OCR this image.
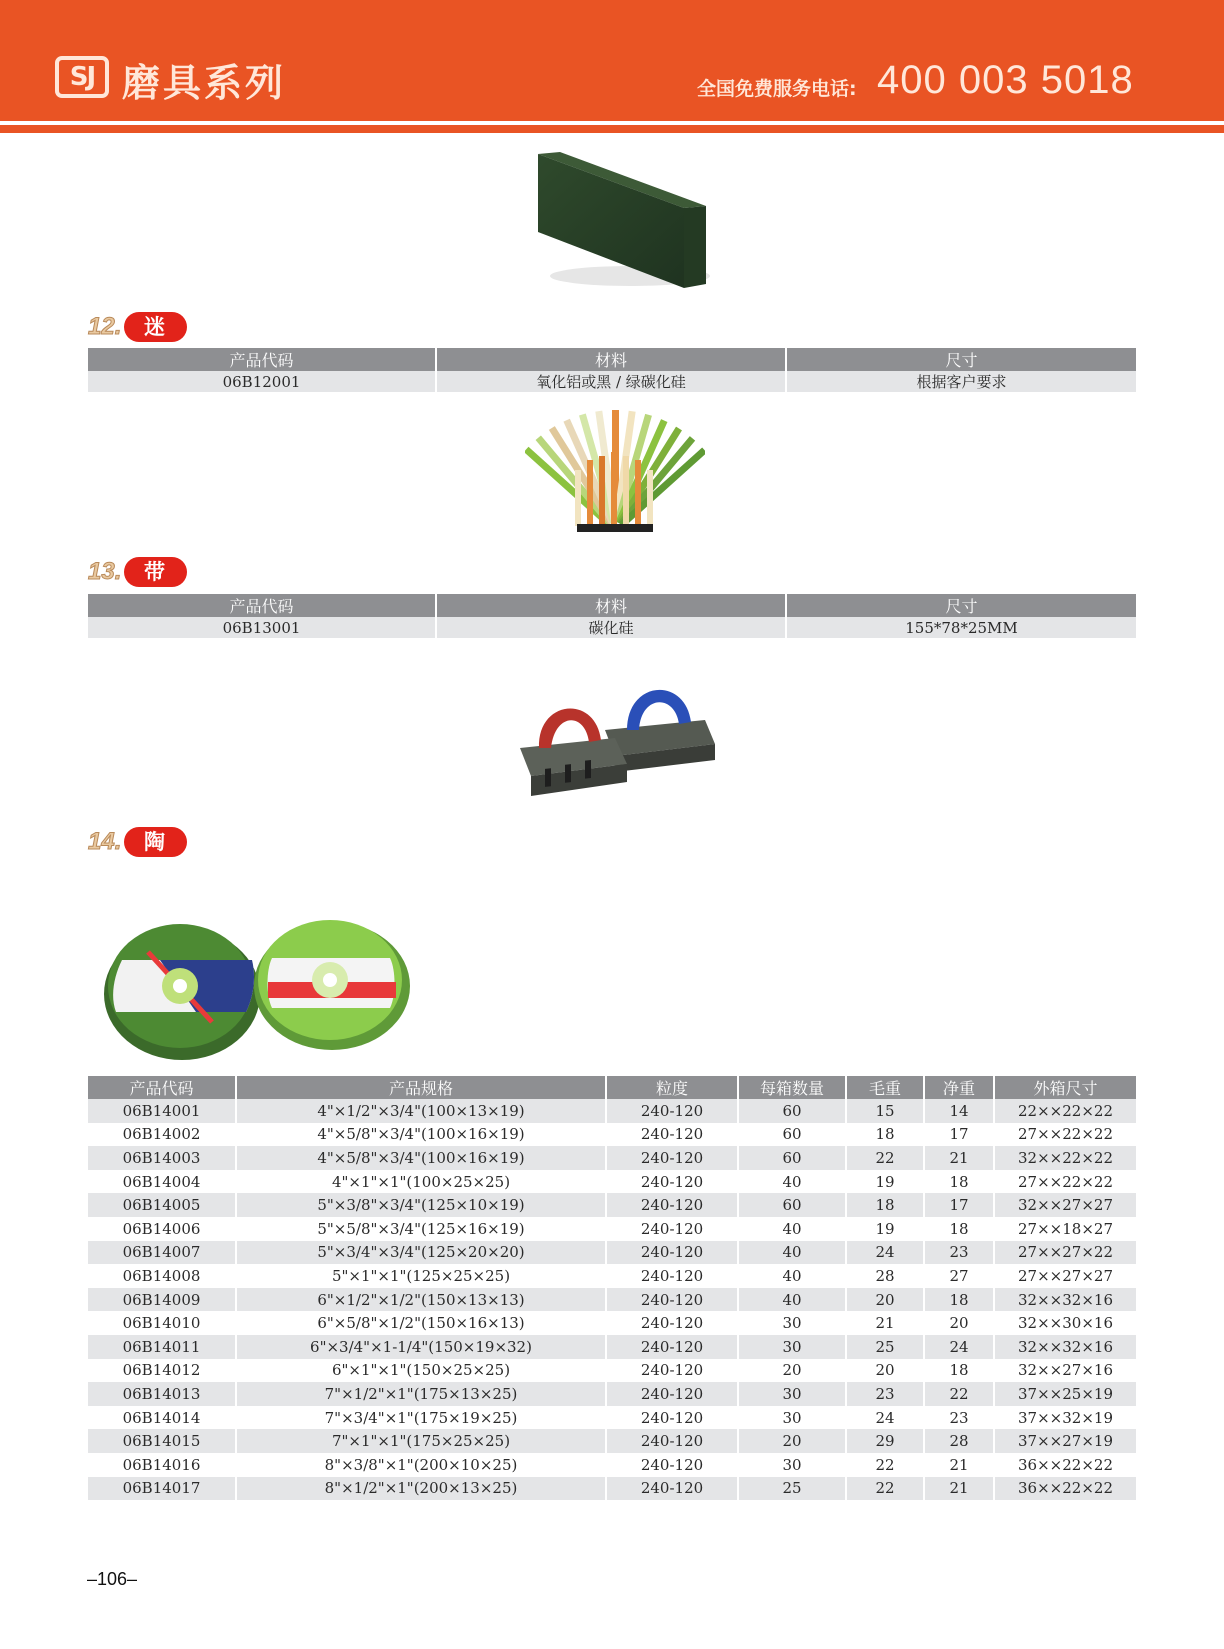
SJ 磨具系列	全国免费服务电话: 400 003 5018
12.	迷 石
产品代码	材料	尺寸
06B12001	氧化铝或黑 / 绿碳化硅	根据客户要求
13.	带 打磨
产品代码	材料	尺寸
06B13001	碳化硅	155*78*25MM
14.	陶瓷砂
产品代码	产品规格	粒度	每箱数量	毛重	净重	外箱尺寸
06B14001	4"×1/2"×3/4"(100×13×19)	240-120	60	15	14	22××22×22
06B14002	4"×5/8"×3/4"(100×16×19)	240-120	60	18	17	27××22×22
06B14003	4"×5/8"×3/4"(100×16×19)	240-120	60	22	21	32××22×22
06B14004	4"×1"×1"(100×25×25)	240-120	40	19	18	27××22×22
06B14005	5"×3/8"×3/4"(125×10×19)	240-120	60	18	17	32××27×27
06B14006	5"×5/8"×3/4"(125×16×19)	240-120	40	19	18	27××18×27
06B14007	5"×3/4"×3/4"(125×20×20)	240-120	40	24	23	27××27×22
06B14008	5"×1"×1"(125×25×25)	240-120	40	28	27	27××27×27
06B14009	6"×1/2"×1/2"(150×13×13)	240-120	40	20	18	32××32×16
06B14010	6"×5/8"×1/2"(150×16×13)	240-120	30	21	20	32××30×16
06B14011	6"×3/4"×1-1/4"(150×19×32)	240-120	30	25	24	32××32×16
06B14012	6"×1"×1"(150×25×25)	240-120	20	20	18	32××27×16
06B14013	7"×1/2"×1"(175×13×25)	240-120	30	23	22	37××25×19
06B14014	7"×3/4"×1"(175×19×25)	240-120	30	24	23	37××32×19
06B14015	7"×1"×1"(175×25×25)	240-120	20	29	28	37××27×19
06B14016	8"×3/8"×1"(200×10×25)	240-120	30	22	21	36××22×22
06B14017	8"×1/2"×1"(200×13×25)	240-120	25	22	21	36××22×22
–106–
